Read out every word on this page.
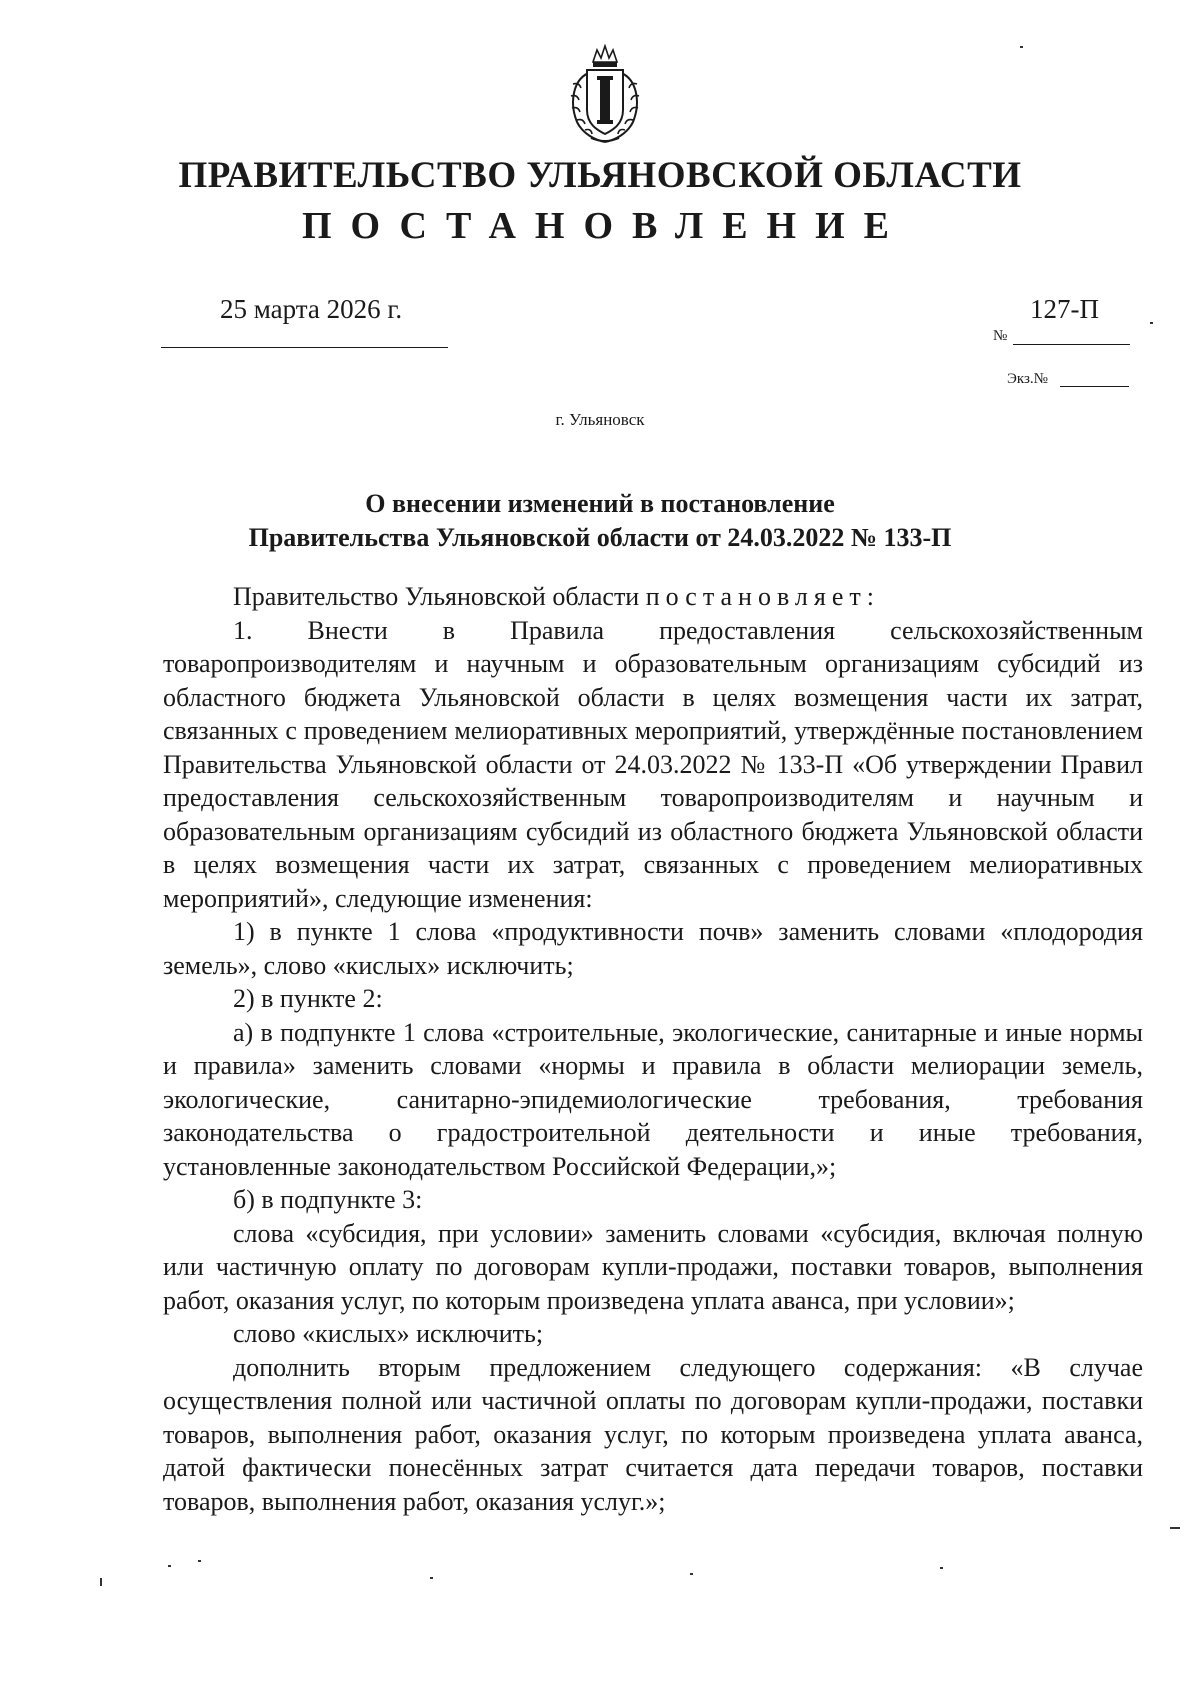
ПРАВИТЕЛЬСТВО УЛЬЯНОВСКОЙ ОБЛАСТИ
ПОСТАНОВЛЕНИЕ
25 марта 2026 г.	127-П
№
Экз.№
г. Ульяновск
О внесении изменений в постановление
Правительства Ульяновской области от 24.03.2022 № 133-П

Правительство Ульяновской области постановляет:

1. Внести в Правила предоставления сельскохозяйственным товаропроизводителям и научным и образовательным организациям субсидий из областного бюджета Ульяновской области в целях возмещения части их затрат, связанных с проведением мелиоративных мероприятий, утверждённые постановлением Правительства Ульяновской области от 24.03.2022 № 133-П «Об утверждении Правил предоставления сельскохозяйственным товаропроизводителям и научным и образовательным организациям субсидий из областного бюджета Ульяновской области в целях возмещения части их затрат, связанных с проведением мелиоративных мероприятий», следующие изменения:

1) в пункте 1 слова «продуктивности почв» заменить словами «плодородия земель», слово «кислых» исключить;

2) в пункте 2:

а) в подпункте 1 слова «строительные, экологические, санитарные и иные нормы и правила» заменить словами «нормы и правила в области мелиорации земель, экологические, санитарно-эпидемиологические требования, требования законодательства о градостроительной деятельности и иные требования, установленные законодательством Российской Федерации,»;

б) в подпункте 3:

слова «субсидия, при условии» заменить словами «субсидия, включая полную или частичную оплату по договорам купли-продажи, поставки товаров, выполнения работ, оказания услуг, по которым произведена уплата аванса, при условии»;

слово «кислых» исключить;

дополнить вторым предложением следующего содержания: «В случае осуществления полной или частичной оплаты по договорам купли-продажи, поставки товаров, выполнения работ, оказания услуг, по которым произведена уплата аванса, датой фактически понесённых затрат считается дата передачи товаров, поставки товаров, выполнения работ, оказания услуг.»;
